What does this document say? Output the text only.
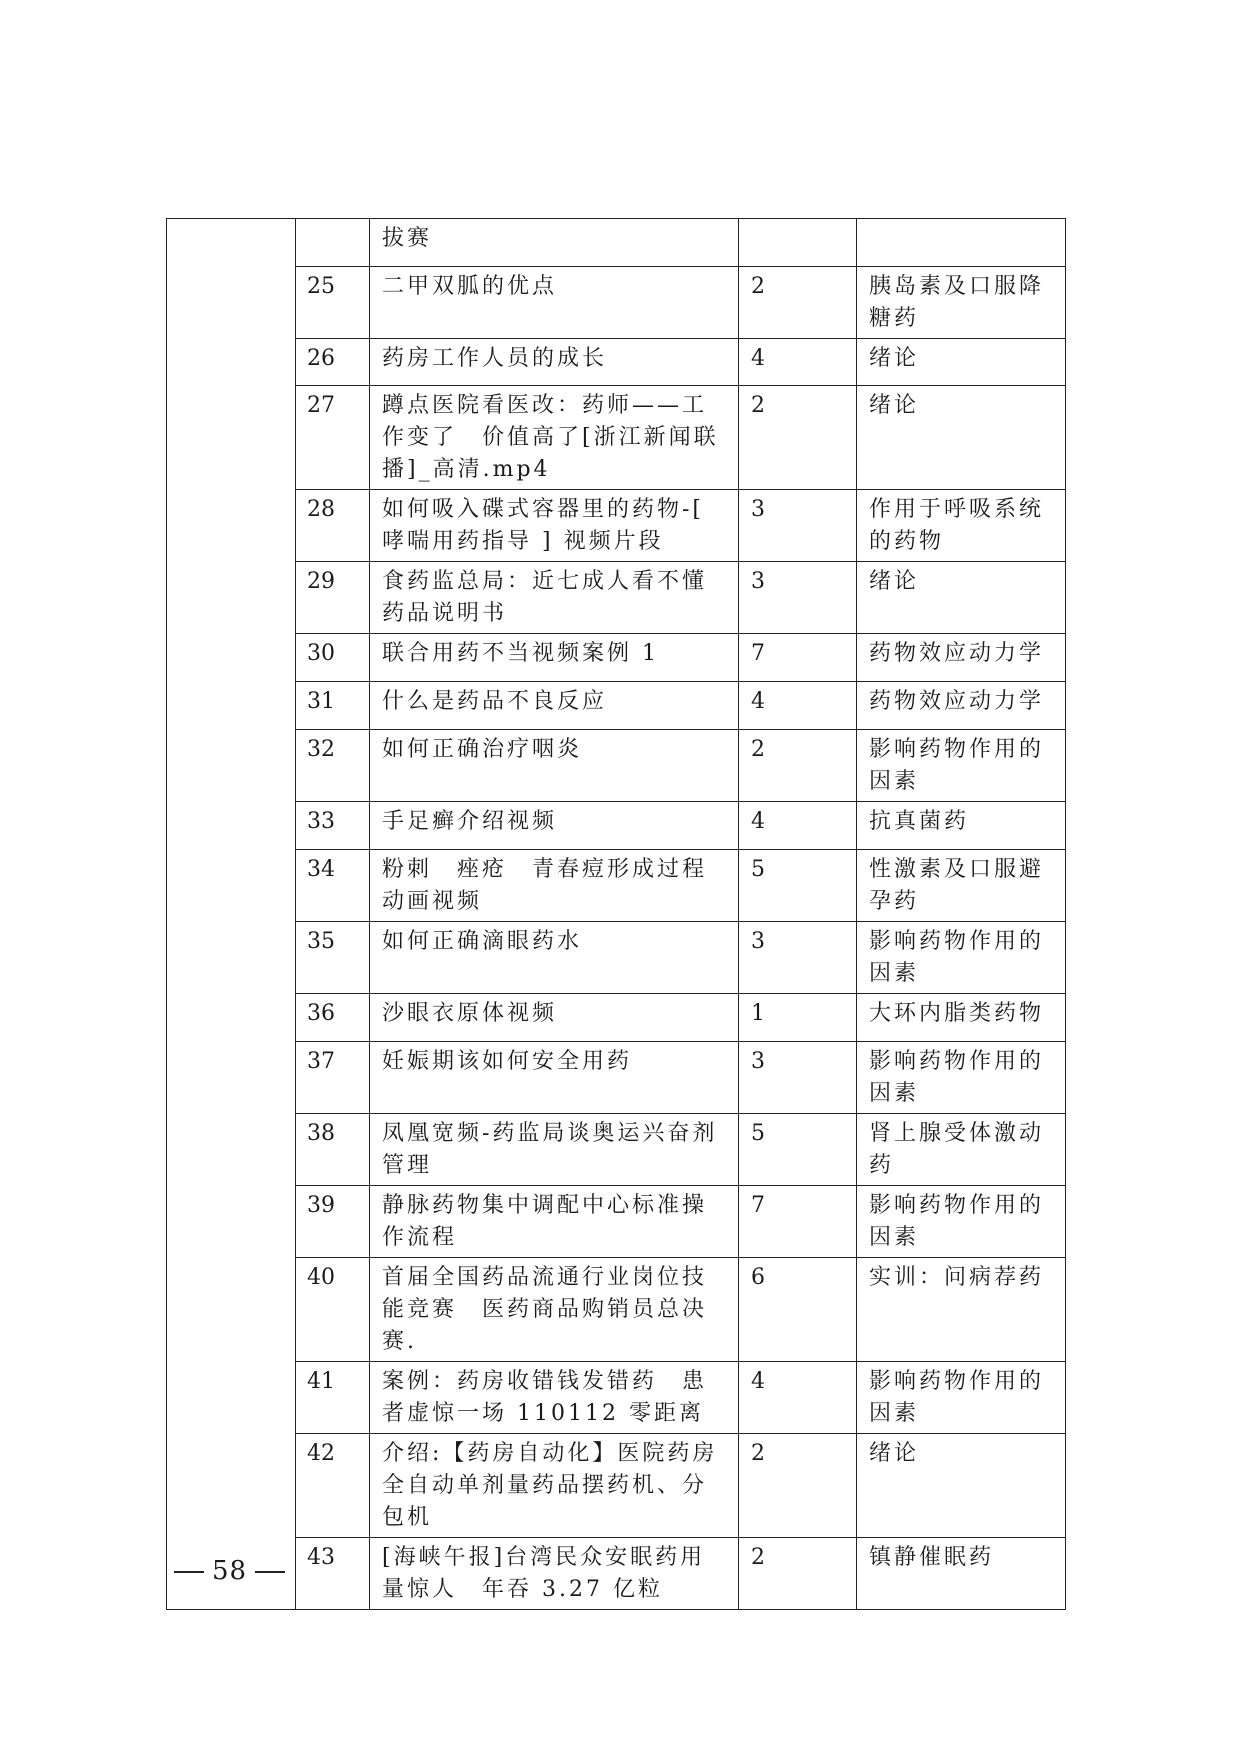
		拔赛		
	25	二甲双胍的优点	2	胰岛素及口服降糖药
	26	药房工作人员的成长	4	绪论
	27	蹲点医院看医改：药师——工作变了　价值高了[浙江新闻联播]_高清.mp4	2	绪论
	28	如何吸入碟式容器里的药物-[ 哮喘用药指导 ] 视频片段	3	作用于呼吸系统的药物
	29	食药监总局：近七成人看不懂药品说明书	3	绪论
	30	联合用药不当视频案例 1	7	药物效应动力学
	31	什么是药品不良反应	4	药物效应动力学
	32	如何正确治疗咽炎	2	影响药物作用的因素
	33	手足癣介绍视频	4	抗真菌药
	34	粉刺　痤疮　青春痘形成过程动画视频	5	性激素及口服避孕药
	35	如何正确滴眼药水	3	影响药物作用的因素
	36	沙眼衣原体视频	1	大环内脂类药物
	37	妊娠期该如何安全用药	3	影响药物作用的因素
	38	凤凰宽频-药监局谈奥运兴奋剂管理	5	肾上腺受体激动药
	39	静脉药物集中调配中心标准操作流程	7	影响药物作用的因素
	40	首届全国药品流通行业岗位技能竞赛　医药商品购销员总决赛.	6	实训：问病荐药
	41	案例：药房收错钱发错药　患者虚惊一场 110112 零距离	4	影响药物作用的因素
	42	介绍:【药房自动化】医院药房全自动单剂量药品摆药机、分包机	2	绪论
	43	[海峡午报]台湾民众安眠药用量惊人　年吞 3.27 亿粒	2	镇静催眠药
58
